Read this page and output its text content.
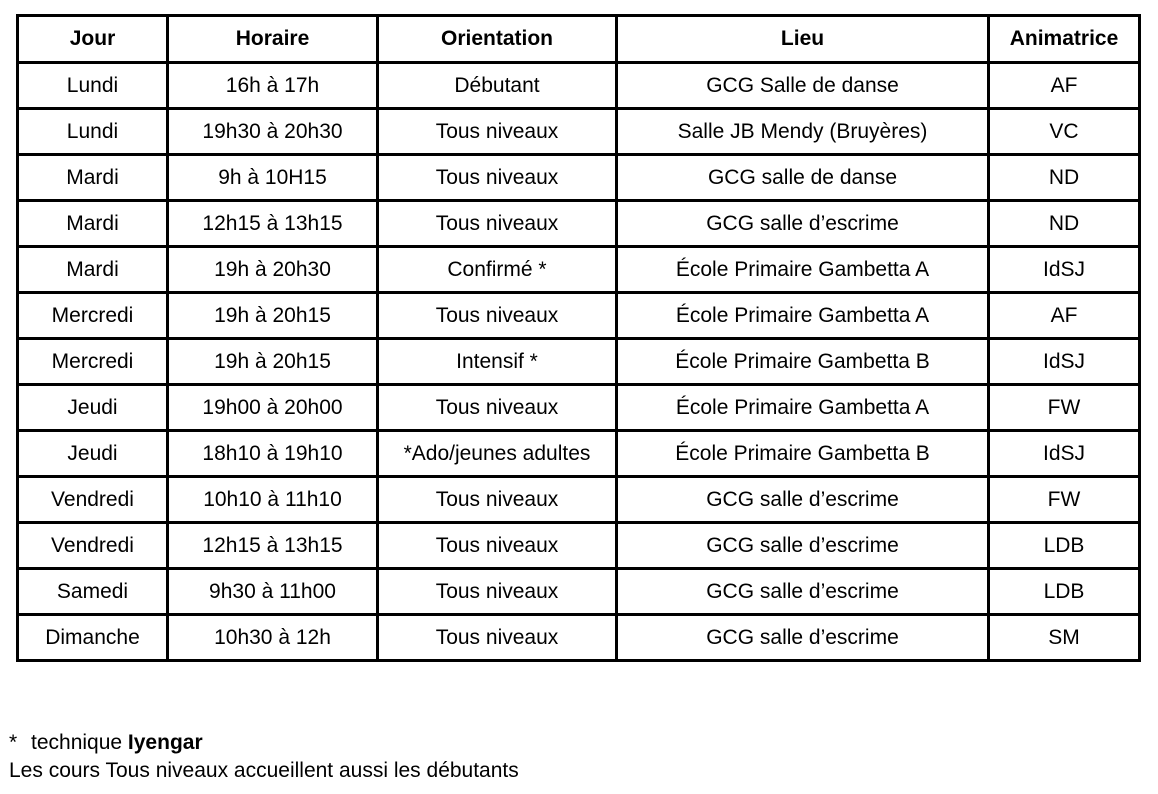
Jour	Horaire	Orientation	Lieu	Animatrice
Lundi	16h à 17h	Débutant	GCG Salle de danse	AF
Lundi	19h30 à 20h30	Tous niveaux	Salle JB Mendy (Bruyères)	VC
Mardi	9h à 10H15	Tous niveaux	GCG salle de danse	ND
Mardi	12h15 à 13h15	Tous niveaux	GCG salle d’escrime	ND
Mardi	19h à 20h30	Confirmé *	École Primaire Gambetta A	IdSJ
Mercredi	19h à 20h15	Tous niveaux	École Primaire Gambetta A	AF
Mercredi	19h à 20h15	Intensif *	École Primaire Gambetta B	IdSJ
Jeudi	19h00 à 20h00	Tous niveaux	École Primaire Gambetta A	FW
Jeudi	18h10 à 19h10	*Ado/jeunes adultes	École Primaire Gambetta B	IdSJ
Vendredi	10h10 à 11h10	Tous niveaux	GCG salle d’escrime	FW
Vendredi	12h15 à 13h15	Tous niveaux	GCG salle d’escrime	LDB
Samedi	9h30 à 11h00	Tous niveaux	GCG salle d’escrime	LDB
Dimanche	10h30 à 12h	Tous niveaux	GCG salle d’escrime	SM
* technique Iyengar
Les cours Tous niveaux accueillent aussi les débutants
